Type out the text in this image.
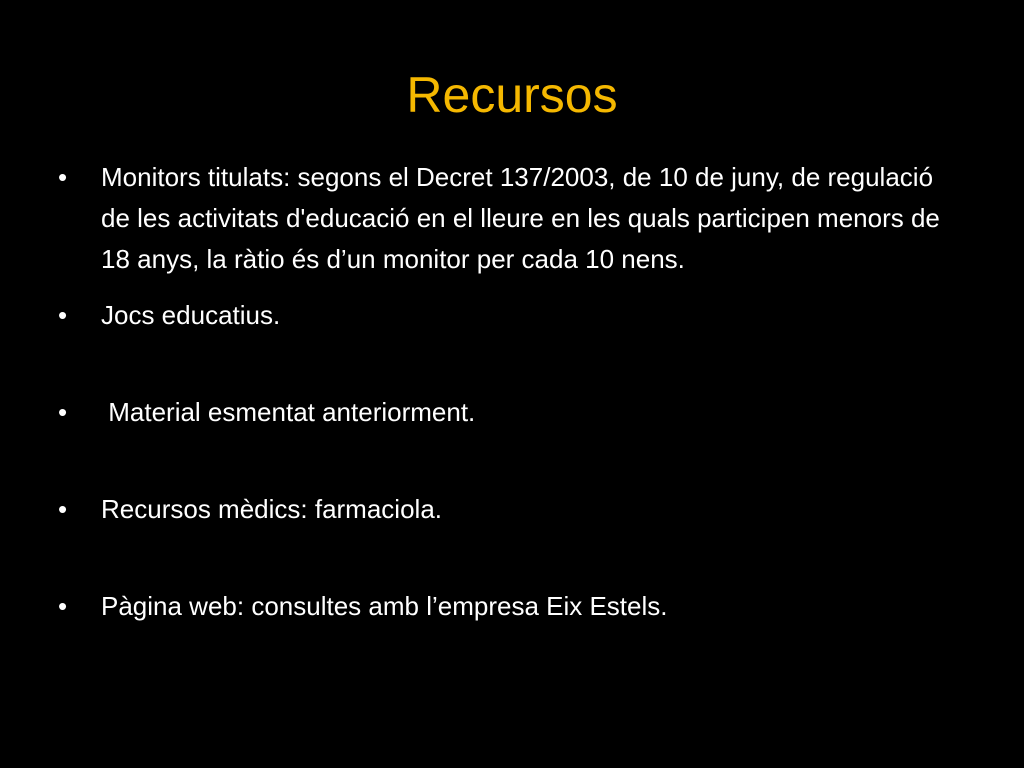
Recursos
•	Monitors titulats: segons el Decret 137/2003, de 10 de juny, de regulació de les activitats d'educació en el lleure en les quals participen menors de 18 anys, la ràtio és d’un monitor per cada 10 nens.
•	Jocs educatius.
•	Material esmentat anteriorment.
•	Recursos mèdics: farmaciola.
•	Pàgina web: consultes amb l’empresa Eix Estels.
